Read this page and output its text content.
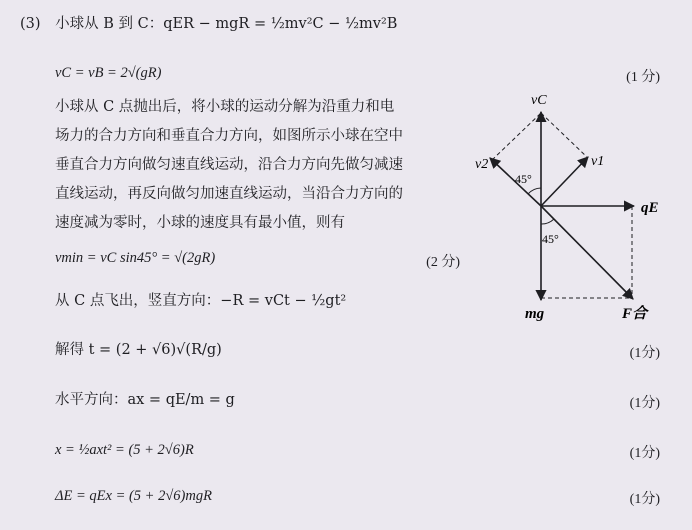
(3) 小球从 B 到 C：qER − mgR = ½mv²C − ½mv²B
vC = vB = 2√(gR)	(1 分)
小球从 C 点抛出后，将小球的运动分解为沿重力和电
场力的合力方向和垂直合力方向，如图所示小球在空中
垂直合力方向做匀速直线运动，沿合力方向先做匀减速
直线运动，再反向做匀加速直线运动，当沿合力方向的
速度减为零时，小球的速度具有最小值，则有
vmin = vC sin45° = √(2gR)	(2 分)
从 C 点飞出，竖直方向：−R = vCt − ½gt²
解得 t = (2 + √6)√(R/g)	(1分)
水平方向：ax = qE/m = g	(1分)
x = ½axt² = (5 + 2√6)R	(1分)
ΔE = qEx = (5 + 2√6)mgR	(1分)
vC
v1
v2
45°
45°
qE
mg	F合
